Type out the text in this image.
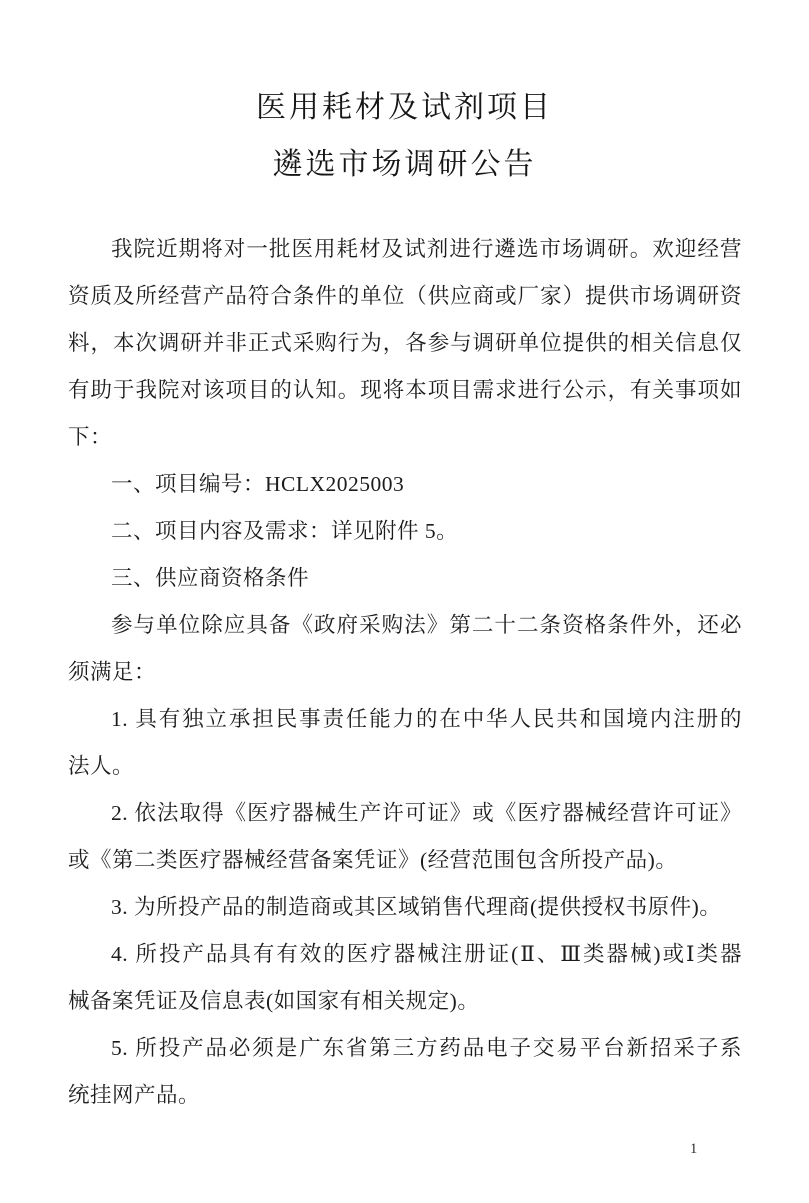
医用耗材及试剂项目
遴选市场调研公告
我院近期将对一批医用耗材及试剂进行遴选市场调研。欢迎经营
资质及所经营产品符合条件的单位（供应商或厂家）提供市场调研资
料，本次调研并非正式采购行为，各参与调研单位提供的相关信息仅
有助于我院对该项目的认知。现将本项目需求进行公示，有关事项如
下：
一、项目编号：HCLX2025003
二、项目内容及需求：详见附件 5。
三、供应商资格条件
参与单位除应具备《政府采购法》第二十二条资格条件外，还必
须满足：
1. 具有独立承担民事责任能力的在中华人民共和国境内注册的
法人。
2. 依法取得《医疗器械生产许可证》或《医疗器械经营许可证》
或《第二类医疗器械经营备案凭证》(经营范围包含所投产品)。
3. 为所投产品的制造商或其区域销售代理商(提供授权书原件)。
4. 所投产品具有有效的医疗器械注册证(Ⅱ、Ⅲ类器械)或Ⅰ类器
械备案凭证及信息表(如国家有相关规定)。
5. 所投产品必须是广东省第三方药品电子交易平台新招采子系
统挂网产品。
1
